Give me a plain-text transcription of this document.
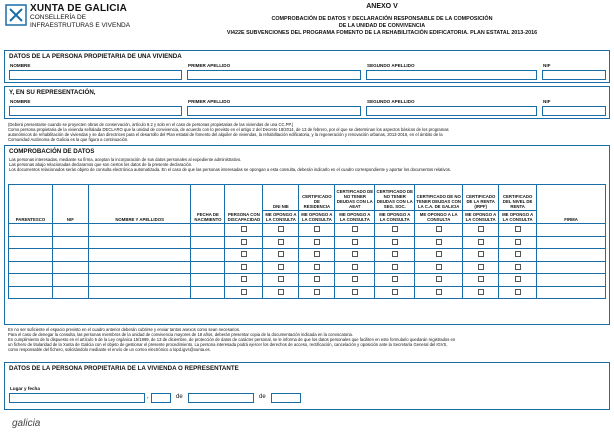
XUNTA DE GALICIA
CONSELLERÍA DE
INFRAESTRUTURAS E VIVENDA
ANEXO V
COMPROBACIÓN DE DATOS Y DECLARACIÓN RESPONSABLE DE LA COMPOSICIÓN
DE LA UNIDAD DE CONVIVENCIA
VI422E SUBVENCIONES DEL PROGRAMA FOMENTO DE LA REHABILITACIÓN EDIFICATORIA. PLAN ESTATAL 2013-2016
DATOS DE LA PERSONA PROPIETARIA DE UNA VIVIENDA
NOMBRE	PRIMER APELLIDO	SEGUNDO APELLIDO	NIF
Y, EN SU REPRESENTACIÓN,
NOMBRE	PRIMER APELLIDO	SEGUNDO APELLIDO	NIF
(Deberá presentarse cuando se proyecten obras de conservación, artículo 8.2 y solo en el caso de personas propietarias de las viviendas de una CC.PP.)
Como persona propietaria de la vivienda señalada DECLARO que la unidad de convivencia, de acuerdo con lo previsto en el artigo 2 del Decreto 18/2014, de 13 de febrero, por el que se determinan los aspectos básicos de los programas
autonómicos de rehabilitación de viviendas y se dan directrices para el desarrollo del Plan estatal de fomento del alquiler de viviendas, la rehabilitación edificatoria, y la regeneración y renovación urbanas, 2013-2016, en el ámbito de la
Comunidad Autónoma de Galicia es la que figura a continuación.
COMPROBACIÓN DE DATOS
Las personas interesadas, mediante su firma, aceptan la incorporación de sus datos personales al expediente administrativo.
Las personas abajo relacionadas declaramos que son ciertos los datos de la presente declaración.
Los documentos relacionados serán objeto de consulta electrónica automatizada. En el caso de que las personas interesadas se opongan a esta consulta, deberán indicarlo en el cuadro correspondiente y aportar los documentos relativos.
PARENTESCO	NIF	NOMBRE Y APELLIDOS	FECHA DE NACIMIENTO	PERSONA CON DISCAPACIDAD	DNI NIE	CERTIFICADO DE RESIDENCIA	CERTIFICADO DE NO TENER DEUDAS CON LA AEAT	CERTIFICADO DE NO TENER DEUDAS CON LA SEG. SOC.	CERTIFICADO DE NO TENER DEUDAS CON LA C.A. DE GALICIA	CERTIFICADO DE LA RENTA (IRPF)	CERTIFICADO DEL NIVEL DE RENTA	FIRMA
					ME OPONGO A LA CONSULTA	ME OPONGO A LA CONSULTA	ME OPONGO A LA CONSULTA	ME OPONGO A LA CONSULTA	ME OPONGO A LA CONSULTA	ME OPONGO A LA CONSULTA	ME OPONGO A LA CONSULTA	

En no ser suficiente el espacio previsto en el cuadro anterior deberán cubrirse y enviar tantos anexos como sean necesarios.
Para el caso de denegar la consulta, las personas miembros de la unidad de convivencia mayores de 18 años, deberán presentar copia de la documentación indicada en la convocatoria.
En cumplimiento de lo dispuesto en el artículo 5 de la Ley orgánica 15/1999, de 13 de diciembre, de protección de datos de carácter personal, se le informa de que los datos personales que faciliten en este formulario quedarán registrados en
un fichero de titularidad de la Xunta de Galicia con el objeto de gestionar el presente procedimiento. La persona interesada podrá ejercer los derechos de acceso, rectificación, cancelación y oposición ante la Secretaría General del IGVS,
como responsable del fichero, solicitándolo mediante el envío de un correo electrónico a lopd.igvs@xunta.es.
DATOS DE LA PERSONA PROPIETARIA DE LA VIVIENDA O REPRESENTANTE
Lugar y fecha
,	de	de
galicia
